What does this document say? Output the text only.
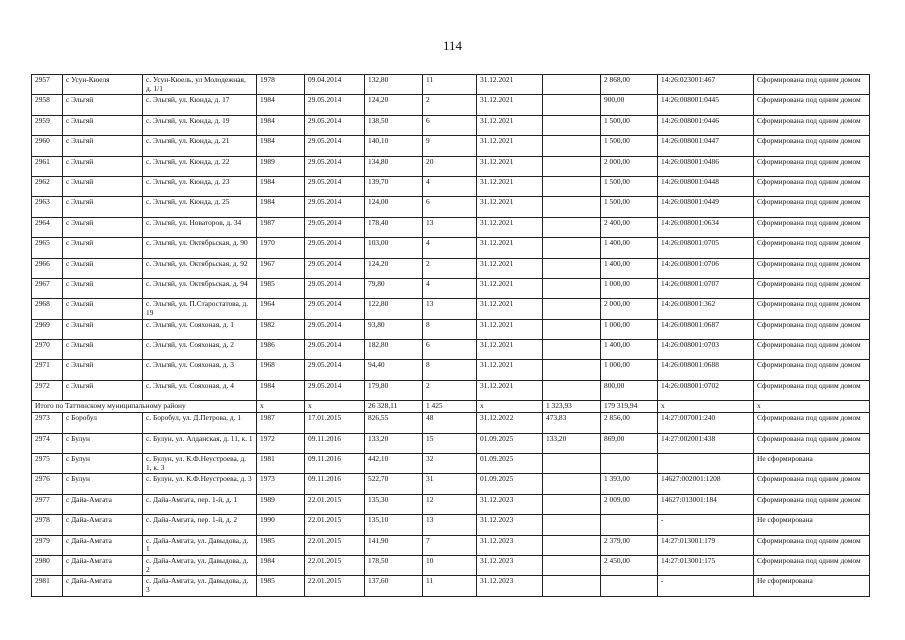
114
2957	с Усун-Кюеля	с. Усун-Кюель, ул Молодежная, д. 1/1	1978	09.04.2014	132,80	11	31.12.2021		2 868,00	14:26:023001:467	Сформирована под одним домом
2958	с Эльгяй	с. Эльгяй, ул. Кюнда, д. 17	1984	29.05.2014	124,20	2	31.12.2021		900,00	14:26:008001:0445	Сформирована под одним домом
2959	с Эльгяй	с. Эльгяй, ул. Кюнда, д. 19	1984	29.05.2014	138,50	6	31.12.2021		1 500,00	14:26:008001:0446	Сформирована под одним домом
2960	с Эльгяй	с. Эльгяй, ул. Кюнда, д. 21	1984	29.05.2014	140,10	9	31.12.2021		1 500,00	14:26:008001:0447	Сформирована под одним домом
2961	с Эльгяй	с. Эльгяй, ул. Кюнда, д. 22	1989	29.05.2014	134,80	20	31.12.2021		2 000,00	14:26:008001:0486	Сформирована под одним домом
2962	с Эльгяй	с. Эльгяй, ул. Кюнда, д. 23	1984	29.05.2014	139,70	4	31.12.2021		1 500,00	14:26:008001:0448	Сформирована под одним домом
2963	с Эльгяй	с. Эльгяй, ул. Кюнда, д. 25	1984	29.05.2014	124,00	6	31.12.2021		1 500,00	14:26:008001:0449	Сформирована под одним домом
2964	с Эльгяй	с. Эльгяй, ул. Новаторов, д. 34	1987	29.05.2014	178,40	13	31.12.2021		2 400,00	14:26:008001:0634	Сформирована под одним домом
2965	с Эльгяй	с. Эльгяй, ул. Октябрьская, д. 90	1970	29.05.2014	103,00	4	31.12.2021		1 400,00	14:26:008001:0705	Сформирована под одним домом
2966	с Эльгяй	с. Эльгяй, ул. Октябрьская, д. 92	1967	29.05.2014	124,20	2	31.12.2021		1 400,00	14:26:008001:0706	Сформирована под одним домом
2967	с Эльгяй	с. Эльгяй, ул. Октябрьская, д. 94	1985	29.05.2014	79,80	4	31.12.2021		1 000,00	14:26:008001:0707	Сформирована под одним домом
2968	с Эльгяй	с. Эльгяй, ул. П.Старостатова, д. 19	1964	29.05.2014	122,80	13	31.12.2021		2 000,00	14:26:008001:362	Сформирована под одним домом
2969	с Эльгяй	с. Эльгяй, ул. Сояхоная, д. 1	1982	29.05.2014	93,80	8	31.12.2021		1 000,00	14:26:008001:0687	Сформирована под одним домом
2970	с Эльгяй	с. Эльгяй, ул. Сояхоная, д. 2	1986	29.05.2014	182,80	6	31.12.2021		1 400,00	14:26:008001:0703	Сформирована под одним домом
2971	с Эльгяй	с. Эльгяй, ул. Сояхоная, д. 3	1968	29.05.2014	94,40	8	31.12.2021		1 000,00	14:26:008001:0688	Сформирована под одним домом
2972	с Эльгяй	с. Эльгяй, ул. Сояхоная, д. 4	1984	29.05.2014	179,80	2	31.12.2021		800,00	14:26:008001:0702	Сформирована под одним домом
Итого по Таттинскому муниципальному району			х	х	26 328,11	1 425	х	1 323,93	179 319,94	х	х
2973	с Боробул	с. Боробул, ул. Д.Петрова, д. 1	1987	17.01.2015	826,55	48	31.12.2022	473,83	2 856,00	14:27:007001:240	Сформирована под одним домом
2974	с Булун	с. Булун, ул. Алданская, д. 11, к. 1	1972	09.11.2016	133,20	15	01.09.2025	133,20	869,00	14:27:002001:438	Сформирована под одним домом
2975	с Булун	с. Булун, ул. К.Ф.Неустроева, д. 1, к. 3	1981	09.11.2016	442,10	32	01.09.2025				Не сформирована
2976	с Булун	с. Булун, ул. К.Ф.Неустроева, д. 3	1973	09.11.2016	522,70	31	01.09.2025		1 393,00	14627:002001:1208	Сформирована под одним домом
2977	с Дайа-Амгата	с. Дайа-Амгата, пер. 1-й, д. 1	1989	22.01.2015	135,30	12	31.12.2023		2 009,00	14627:013001:184	Сформирована под одним домом
2978	с Дайа-Амгата	с. Дайа-Амгата, пер. 1-й, д. 2	1990	22.01.2015	135,10	13	31.12.2023			-	Не сформирована
2979	с Дайа-Амгата	с. Дайа-Амгата, ул. Давыдова, д. 1	1985	22.01.2015	141,90	7	31.12.2023		2 379,00	14:27:013001:179	Сформирована под одним домом
2980	с Дайа-Амгата	с. Дайа-Амгата, ул. Давыдова, д. 2	1984	22.01.2015	178,50	10	31.12.2023		2 450,00	14:27:013001:175	Сформирована под одним домом
2981	с Дайа-Амгата	с. Дайа-Амгата, ул. Давыдова, д. 3	1985	22.01.2015	137,60	11	31.12.2023			-	Не сформирована
